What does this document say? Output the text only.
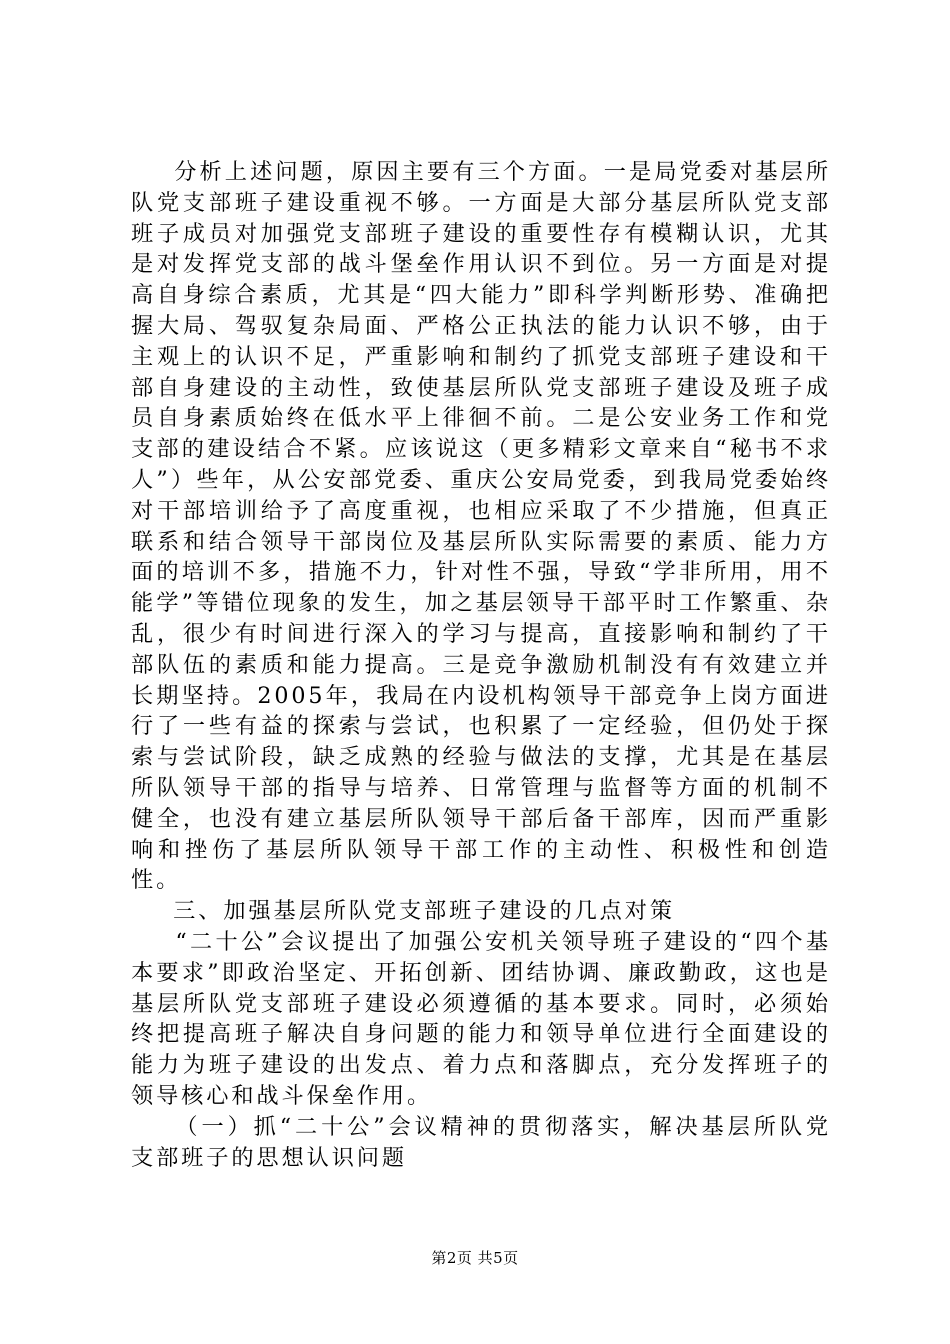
分析上述问题，原因主要有三个方面。一是局党委对基层所队党支部班子建设重视不够。一方面是大部分基层所队党支部班子成员对加强党支部班子建设的重要性存有模糊认识，尤其是对发挥党支部的战斗堡垒作用认识不到位。另一方面是对提高自身综合素质，尤其是“四大能力”即科学判断形势、准确把握大局、驾驭复杂局面、严格公正执法的能力认识不够，由于主观上的认识不足，严重影响和制约了抓党支部班子建设和干部自身建设的主动性，致使基层所队党支部班子建设及班子成员自身素质始终在低水平上徘徊不前。二是公安业务工作和党支部的建设结合不紧。应该说这（更多精彩文章来自“秘书不求人”）些年，从公安部党委、重庆公安局党委，到我局党委始终对干部培训给予了高度重视，也相应采取了不少措施，但真正联系和结合领导干部岗位及基层所队实际需要的素质、能力方面的培训不多，措施不力，针对性不强，导致“学非所用，用不能学”等错位现象的发生，加之基层领导干部平时工作繁重、杂乱，很少有时间进行深入的学习与提高，直接影响和制约了干部队伍的素质和能力提高。三是竞争激励机制没有有效建立并长期坚持。2005年，我局在内设机构领导干部竞争上岗方面进行了一些有益的探索与尝试，也积累了一定经验，但仍处于探索与尝试阶段，缺乏成熟的经验与做法的支撑，尤其是在基层所队领导干部的指导与培养、日常管理与监督等方面的机制不健全，也没有建立基层所队领导干部后备干部库，因而严重影响和挫伤了基层所队领导干部工作的主动性、积极性和创造性。

三、加强基层所队党支部班子建设的几点对策

“二十公”会议提出了加强公安机关领导班子建设的“四个基本要求”即政治坚定、开拓创新、团结协调、廉政勤政，这也是基层所队党支部班子建设必须遵循的基本要求。同时，必须始终把提高班子解决自身问题的能力和领导单位进行全面建设的能力为班子建设的出发点、着力点和落脚点，充分发挥班子的领导核心和战斗保垒作用。

（一）抓“二十公”会议精神的贯彻落实，解决基层所队党支部班子的思想认识问题

第2页 共5页
